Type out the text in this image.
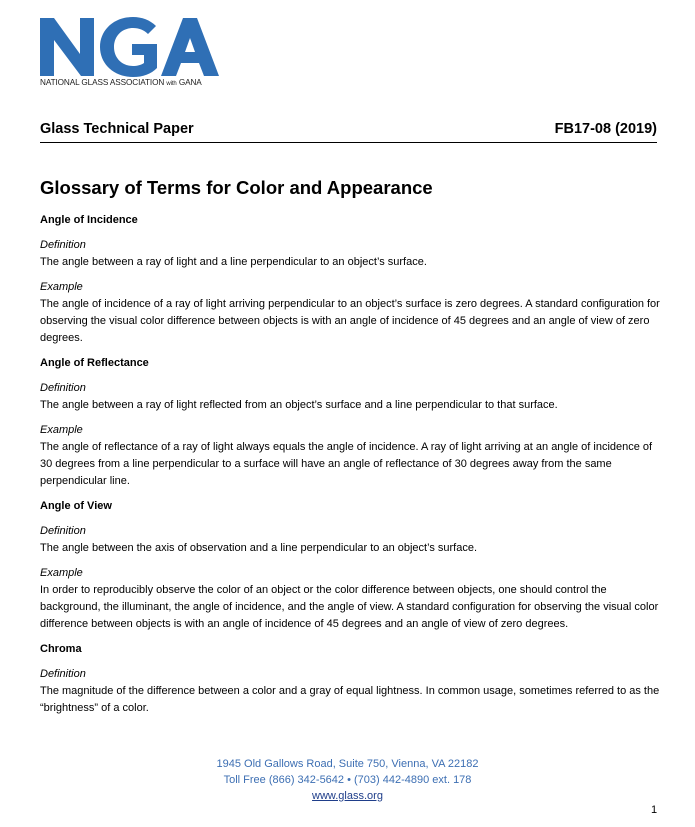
NATIONAL GLASS ASSOCIATION with GANA
Glass Technical Paper	FB17-08 (2019)
Glossary of Terms for Color and Appearance

Angle of Incidence

Definition

The angle between a ray of light and a line perpendicular to an object’s surface.

Example

The angle of incidence of a ray of light arriving perpendicular to an object’s surface is zero degrees. A standard configuration for observing the visual color difference between objects is with an angle of incidence of 45 degrees and an angle of view of zero degrees.

Angle of Reflectance

Definition

The angle between a ray of light reflected from an object’s surface and a line perpendicular to that surface.

Example

The angle of reflectance of a ray of light always equals the angle of incidence. A ray of light arriving at an angle of incidence of 30 degrees from a line perpendicular to a surface will have an angle of reflectance of 30 degrees away from the same perpendicular line.

Angle of View

Definition

The angle between the axis of observation and a line perpendicular to an object’s surface.

Example

In order to reproducibly observe the color of an object or the color difference between objects, one should control the background, the illuminant, the angle of incidence, and the angle of view. A standard configuration for observing the visual color difference between objects is with an angle of incidence of 45 degrees and an angle of view of zero degrees.

Chroma

Definition

The magnitude of the difference between a color and a gray of equal lightness. In common usage, sometimes referred to as the “brightness” of a color.

1945 Old Gallows Road, Suite 750, Vienna, VA 22182
Toll Free (866) 342-5642 • (703) 442-4890 ext. 178
www.glass.org
1
